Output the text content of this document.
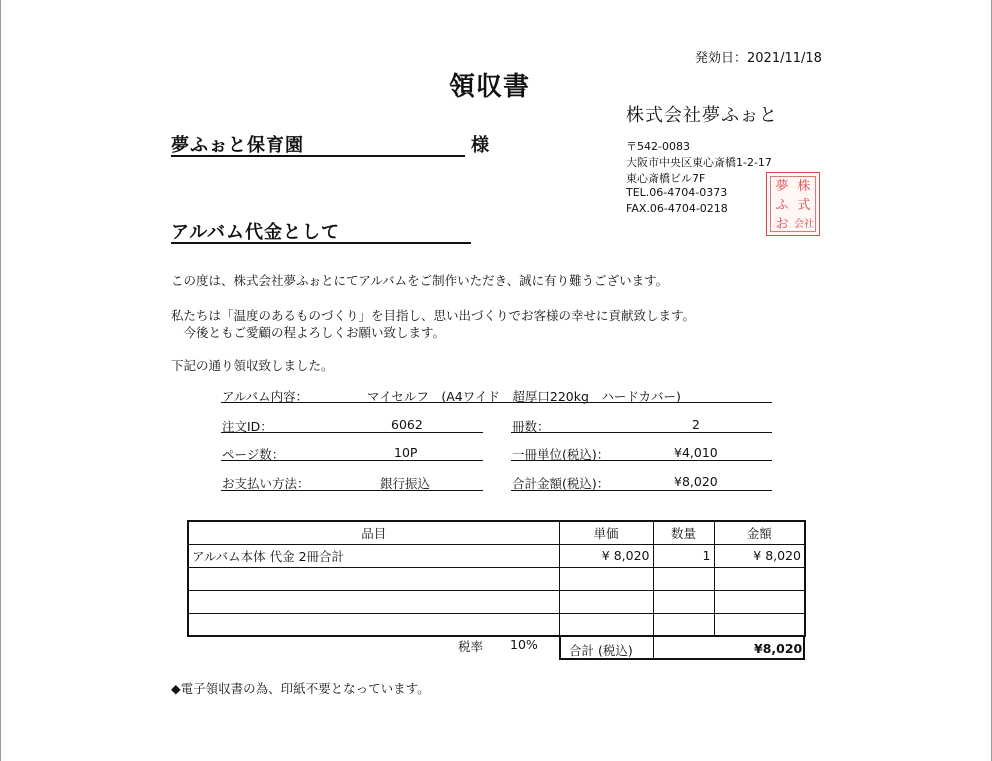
発効日：2021/11/18
領収書
夢ふぉと保育園	様
株式会社夢ふぉと
〒542-0083
大阪市中央区東心斎橋1-2-17
東心斎橋ビル7F
TEL.06-4704-0373
FAX.06-4704-0218
夢 株
ふ 式
お 会社
アルバム代金として
この度は、株式会社夢ふぉとにてアルバムをご制作いただき、誠に有り難うございます。
私たちは「温度のあるものづくり」を目指し、思い出づくりでお客様の幸せに貢献致します。
　今後ともご愛顧の程よろしくお願い致します。
下記の通り領収致しました。
アルバム内容：	マイセルフ　(A4ワイド　超厚口220kg　ハードカバー)
注文ID：	6062	冊数：	2
ページ数：	10P	一冊単位(税込)：	¥4,010
お支払い方法：	銀行振込	合計金額(税込)：	¥8,020
品目	単価	数量	金額
アルバム本体 代金 2冊合計	¥ 8,020	1	¥ 8,020

税率 10% 合計 (税込)	¥8,020
◆電子領収書の為、印紙不要となっています。
